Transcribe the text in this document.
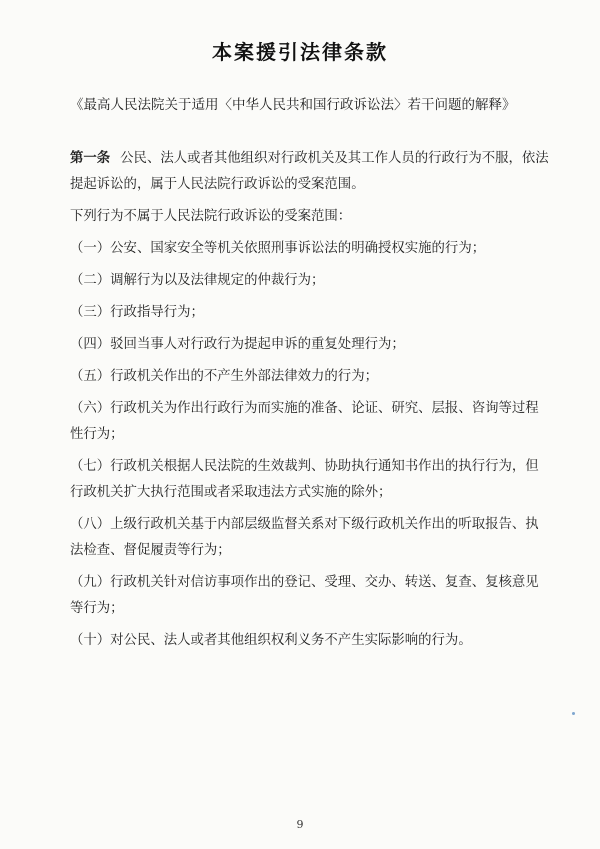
本案援引法律条款
《最高人民法院关于适用〈中华人民共和国行政诉讼法〉若干问题的解释》

第一条 公民、法人或者其他组织对行政机关及其工作人员的行政行为不服，依法提起诉讼的，属于人民法院行政诉讼的受案范围。

下列行为不属于人民法院行政诉讼的受案范围：

（一）公安、国家安全等机关依照刑事诉讼法的明确授权实施的行为；

（二）调解行为以及法律规定的仲裁行为；

（三）行政指导行为；

（四）驳回当事人对行政行为提起申诉的重复处理行为；

（五）行政机关作出的不产生外部法律效力的行为；

（六）行政机关为作出行政行为而实施的准备、论证、研究、层报、咨询等过程性行为；

（七）行政机关根据人民法院的生效裁判、协助执行通知书作出的执行行为，但行政机关扩大执行范围或者采取违法方式实施的除外；

（八）上级行政机关基于内部层级监督关系对下级行政机关作出的听取报告、执法检查、督促履责等行为；

（九）行政机关针对信访事项作出的登记、受理、交办、转送、复查、复核意见等行为；

（十）对公民、法人或者其他组织权利义务不产生实际影响的行为。

9
